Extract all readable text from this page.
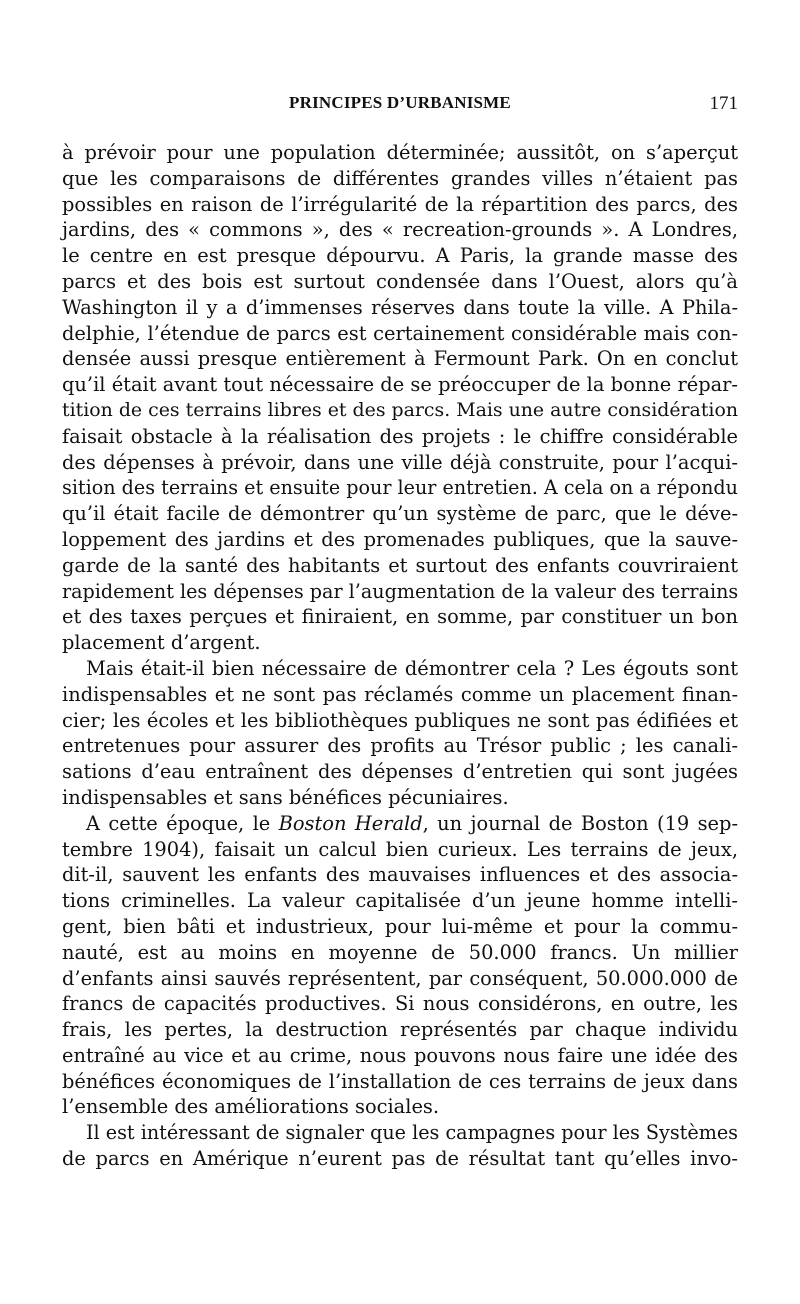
PRINCIPES D’URBANISME	171
à prévoir pour une population déterminée; aussitôt, on s’aperçut
que les comparaisons de différentes grandes villes n’étaient pas
possibles en raison de l’irrégularité de la répartition des parcs, des
jardins, des « commons », des « recreation-grounds ». A Londres,
le centre en est presque dépourvu. A Paris, la grande masse des
parcs et des bois est surtout condensée dans l’Ouest, alors qu’à
Washington il y a d’immenses réserves dans toute la ville. A Phila-
delphie, l’étendue de parcs est certainement considérable mais con-
densée aussi presque entièrement à Fermount Park. On en conclut
qu’il était avant tout nécessaire de se préoccuper de la bonne répar-
tition de ces terrains libres et des parcs. Mais une autre considération
faisait obstacle à la réalisation des projets : le chiffre considérable
des dépenses à prévoir, dans une ville déjà construite, pour l’acqui-
sition des terrains et ensuite pour leur entretien. A cela on a répondu
qu’il était facile de démontrer qu’un système de parc, que le déve-
loppement des jardins et des promenades publiques, que la sauve-
garde de la santé des habitants et surtout des enfants couvriraient
rapidement les dépenses par l’augmentation de la valeur des terrains
et des taxes perçues et finiraient, en somme, par constituer un bon
placement d’argent.
Mais était-il bien nécessaire de démontrer cela ? Les égouts sont
indispensables et ne sont pas réclamés comme un placement finan-
cier; les écoles et les bibliothèques publiques ne sont pas édifiées et
entretenues pour assurer des profits au Trésor public ; les canali-
sations d’eau entraînent des dépenses d’entretien qui sont jugées
indispensables et sans bénéfices pécuniaires.
A cette époque, le Boston Herald, un journal de Boston (19 sep-
tembre 1904), faisait un calcul bien curieux. Les terrains de jeux,
dit-il, sauvent les enfants des mauvaises influences et des associa-
tions criminelles. La valeur capitalisée d’un jeune homme intelli-
gent, bien bâti et industrieux, pour lui-même et pour la commu-
nauté, est au moins en moyenne de 50.000 francs. Un millier
d’enfants ainsi sauvés représentent, par conséquent, 50.000.000 de
francs de capacités productives. Si nous considérons, en outre, les
frais, les pertes, la destruction représentés par chaque individu
entraîné au vice et au crime, nous pouvons nous faire une idée des
bénéfices économiques de l’installation de ces terrains de jeux dans
l’ensemble des améliorations sociales.
Il est intéressant de signaler que les campagnes pour les Systèmes
de parcs en Amérique n’eurent pas de résultat tant qu’elles invo-
